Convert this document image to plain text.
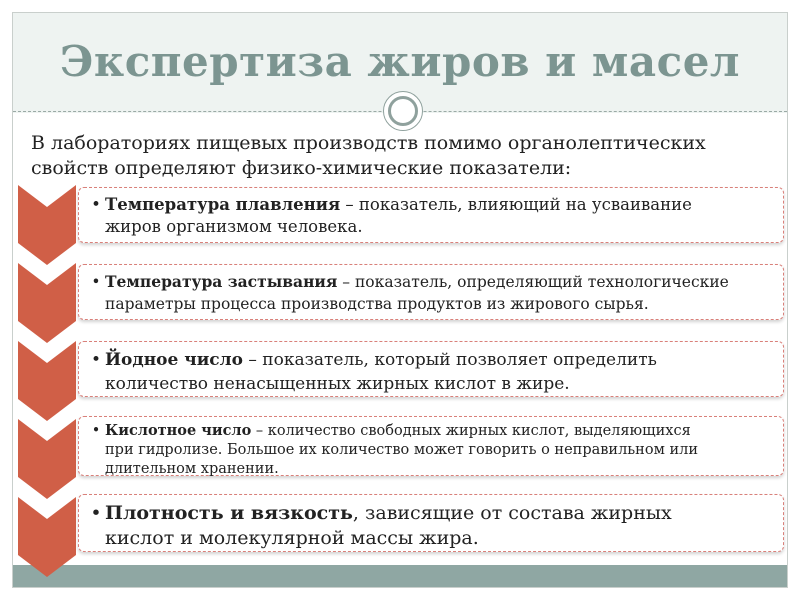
Экспертиза жиров и масел
В лабораториях пищевых производств помимо органолептических
свойств определяют физико-химические показатели:
• Температура плавления – показатель, влияющий на усваивание
жиров организмом человека.
• Температура застывания – показатель, определяющий технологические
параметры процесса производства продуктов из жирового сырья.
• Йодное число – показатель, который позволяет определить
количество ненасыщенных жирных кислот в жире.
• Кислотное число – количество свободных жирных кислот, выделяющихся
при гидролизе. Большое их количество может говорить о неправильном или
длительном хранении.
• Плотность и вязкость, зависящие от состава жирных
кислот и молекулярной массы жира.
